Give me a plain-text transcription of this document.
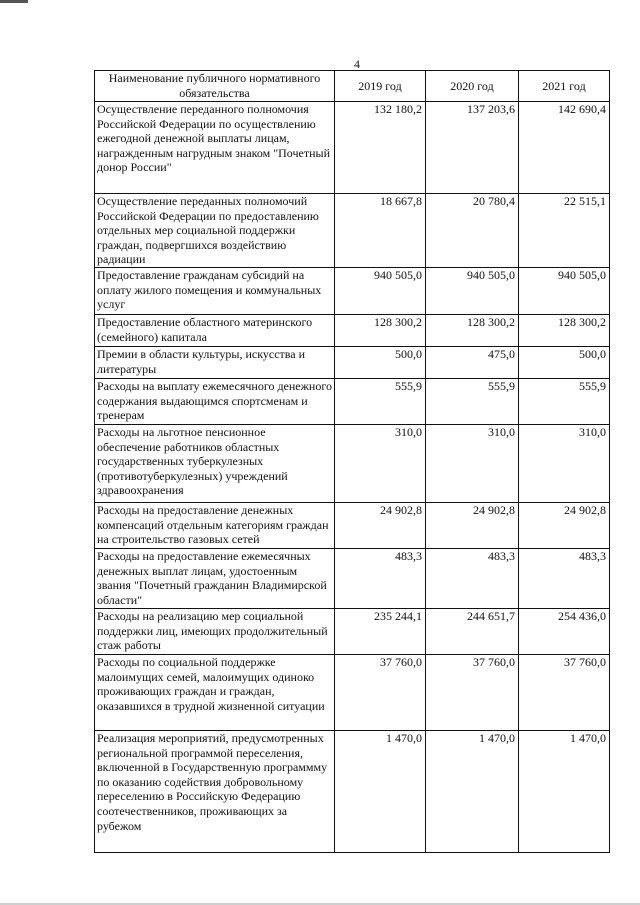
4
Наименование публичного нормативного обязательства	2019 год	2020 год	2021 год
Осуществление переданного полномочия Российской Федерации по осуществлению ежегодной денежной выплаты лицам, награжденным нагрудным знаком "Почетный донор России"	132 180,2	137 203,6	142 690,4
Осуществление переданных полномочий Российской Федерации по предоставлению отдельных мер социальной поддержки граждан, подвергшихся воздействию радиации	18 667,8	20 780,4	22 515,1
Предоставление гражданам субсидий на оплату жилого помещения и коммунальных услуг	940 505,0	940 505,0	940 505,0
Предоставление областного материнского (семейного) капитала	128 300,2	128 300,2	128 300,2
Премии в области культуры, искусства и литературы	500,0	475,0	500,0
Расходы на выплату ежемесячного денежного содержания выдающимся спортсменам и тренерам	555,9	555,9	555,9
Расходы на льготное пенсионное обеспечение работников областных государственных туберкулезных (противотуберкулезных) учреждений здравоохранения	310,0	310,0	310,0
Расходы на предоставление денежных компенсаций отдельным категориям граждан на строительство газовых сетей	24 902,8	24 902,8	24 902,8
Расходы на предоставление ежемесячных денежных выплат лицам, удостоенным звания "Почетный гражданин Владимирской области"	483,3	483,3	483,3
Расходы на реализацию мер социальной поддержки лиц, имеющих продолжительный стаж работы	235 244,1	244 651,7	254 436,0
Расходы по социальной поддержке малоимущих семей, малоимущих одиноко проживающих граждан и граждан, оказавшихся в трудной жизненной ситуации	37 760,0	37 760,0	37 760,0
Реализация мероприятий, предусмотренных региональной программой переселения, включенной в Государственную программму по оказанию содействия добровольному переселению в Российскую Федерацию соотечественников, проживающих за рубежом	1 470,0	1 470,0	1 470,0
